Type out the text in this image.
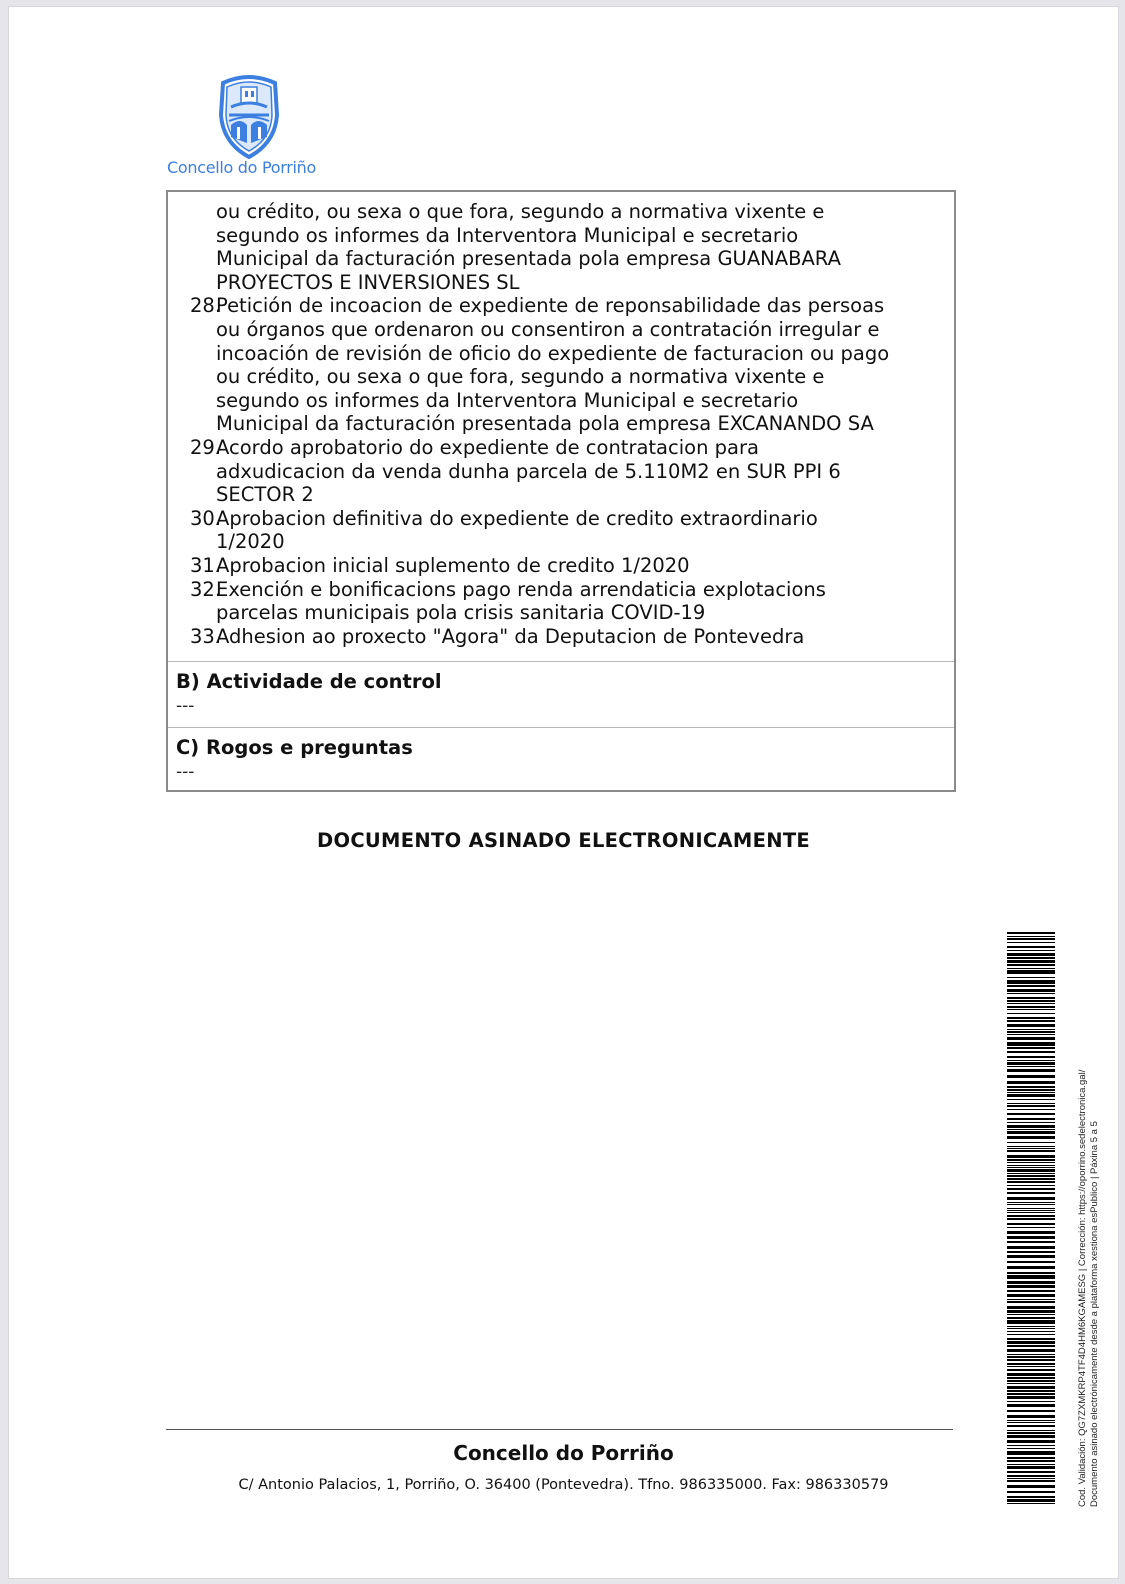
Concello do Porriño
ou crédito, ou sexa o que fora, segundo a normativa vixente e
segundo os informes da Interventora Municipal e secretario
Municipal da facturación presentada pola empresa GUANABARA
PROYECTOS E INVERSIONES SL
28.
Petición de incoacion de expediente de reponsabilidade das persoas
ou órganos que ordenaron ou consentiron a contratación irregular e
incoación de revisión de oficio do expediente de facturacion ou pago
ou crédito, ou sexa o que fora, segundo a normativa vixente e
segundo os informes da Interventora Municipal e secretario
Municipal da facturación presentada pola empresa EXCANANDO SA
29.
Acordo aprobatorio do expediente de contratacion para
adxudicacion da venda dunha parcela de 5.110M2 en SUR PPI 6
SECTOR 2
30.
Aprobacion definitiva do expediente de credito extraordinario
1/2020
31.
Aprobacion inicial suplemento de credito 1/2020
32.
Exención e bonificacions pago renda arrendaticia explotacions
parcelas municipais pola crisis sanitaria COVID-19
33.
Adhesion ao proxecto "Agora" da Deputacion de Pontevedra
B) Actividade de control
---
C) Rogos e preguntas
---
DOCUMENTO ASINADO ELECTRONICAMENTE
Cod. Validación: QG7ZXMKRP4TF4D4HM6KGAMESG | Corrección: https://oporrino.sedelectronica.gal/ Documento asinado electrónicamente desde a plataforma xestiona esPublico | Páxina 5 a 5
Concello do Porriño
C/ Antonio Palacios, 1, Porriño, O. 36400 (Pontevedra). Tfno. 986335000. Fax: 986330579
